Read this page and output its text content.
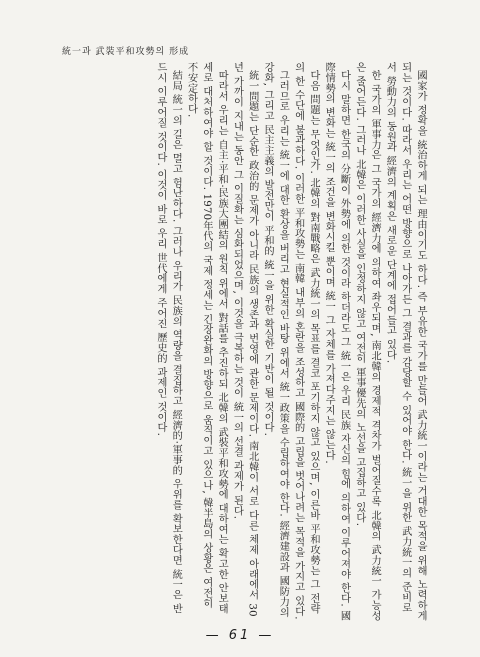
統一과 武裝平和攻勢의 形成

國家가 정확을 統治하게 되는 理由이기도 하다. 즉 부유한 국가를 만들어 武力統一이라는 거대한 목적을 위해 노력하게 되는 것이다. 따라서 우리는 어떤 방향으로 나아가든 그 결과를 감당할 수 있어야 한다. 統一을 위한 武力統一의 준비로서 勞動力의 동원과 經濟의 계획은 새로운 단계에 접어들고 있다.

한 국가의 軍事力은 그 국가의 經濟力에 의하여 좌우되며, 南北韓의 경제적 격차가 벌어질수록 北韓의 武力統一 가능성은 줄어든다. 그러나 北韓은 이러한 사실을 인정하지 않고 여전히 軍事優先의 노선을 고집하고 있다.

다시 말하면 한국의 分斷이 外勢에 의한 것이라 하더라도 그 統一은 우리 民族 자신의 힘에 의하여 이루어져야 한다. 國際情勢의 변화는 統一의 조건을 변화시킬 뿐이며 統一 그 자체를 가져다주지는 않는다.

다음 問題는 무엇인가. 北韓의 對南戰略은 武力統一의 목표를 결코 포기하지 않고 있으며, 이른바 平和攻勢는 그 전략의 한 수단에 불과하다. 이러한 平和攻勢는 南韓 내부의 혼란을 조성하고 國際的 고립을 벗어나려는 목적을 가지고 있다.

그러므로 우리는 統一에 대한 환상을 버리고 현실적인 바탕 위에서 統一政策을 수립하여야 한다. 經濟建設과 國防力의 강화, 그리고 民主主義의 발전만이 平和的 統一을 위한 확실한 기반이 될 것이다.

統一問題는 단순한 政治的 문제가 아니라 民族의 생존과 번영에 관한 문제이다. 南北韓이 서로 다른 체제 아래에서 30년 가까이 지내는 동안 그 이질화는 심화되었으며, 이것을 극복하는 것이 統一의 선결 과제가 된다.

따라서 우리는 自主·平和·民族大團結의 원칙 위에서 對話를 추진하되 北韓의 武裝平和攻勢에 대하여는 확고한 안보태세로 대처하여야 할 것이다. 1970年代의 국제 정세는 긴장완화의 방향으로 움직이고 있으나, 韓半島의 상황은 여전히 不安定하다.

結局 統一의 길은 멀고 험난하다. 그러나 우리가 民族의 역량을 결집하고 經濟的·軍事的 우위를 확보한다면 統一은 반드시 이루어질 것이다. 이것이 바로 우리 世代에게 주어진 歷史的 과제인 것이다.

— 61 —
